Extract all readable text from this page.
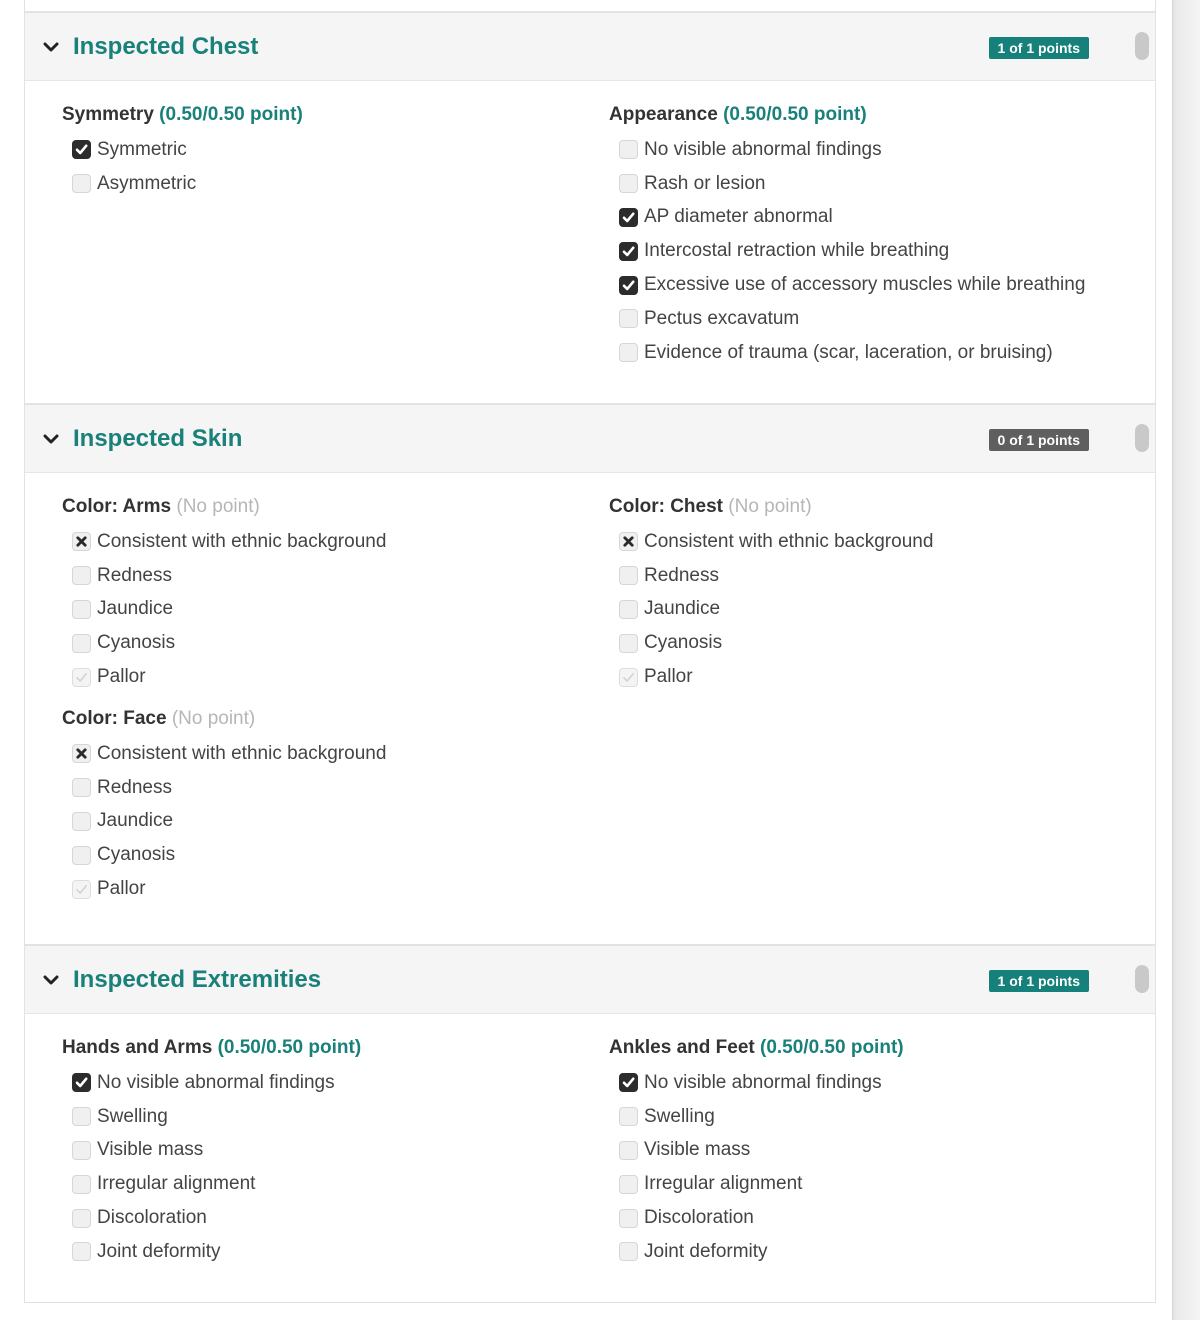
Inspected Chest	1 of 1 points
Symmetry (0.50/0.50 point)
Symmetric
Asymmetric
Appearance (0.50/0.50 point)
No visible abnormal findings
Rash or lesion
AP diameter abnormal
Intercostal retraction while breathing
Excessive use of accessory muscles while breathing
Pectus excavatum
Evidence of trauma (scar, laceration, or bruising)
Inspected Skin	0 of 1 points
Color: Arms (No point)
Consistent with ethnic background
Redness
Jaundice
Cyanosis
Pallor
Color: Face (No point)
Consistent with ethnic background
Redness
Jaundice
Cyanosis
Pallor
Color: Chest (No point)
Consistent with ethnic background
Redness
Jaundice
Cyanosis
Pallor
Inspected Extremities	1 of 1 points
Hands and Arms (0.50/0.50 point)
No visible abnormal findings
Swelling
Visible mass
Irregular alignment
Discoloration
Joint deformity
Ankles and Feet (0.50/0.50 point)
No visible abnormal findings
Swelling
Visible mass
Irregular alignment
Discoloration
Joint deformity
